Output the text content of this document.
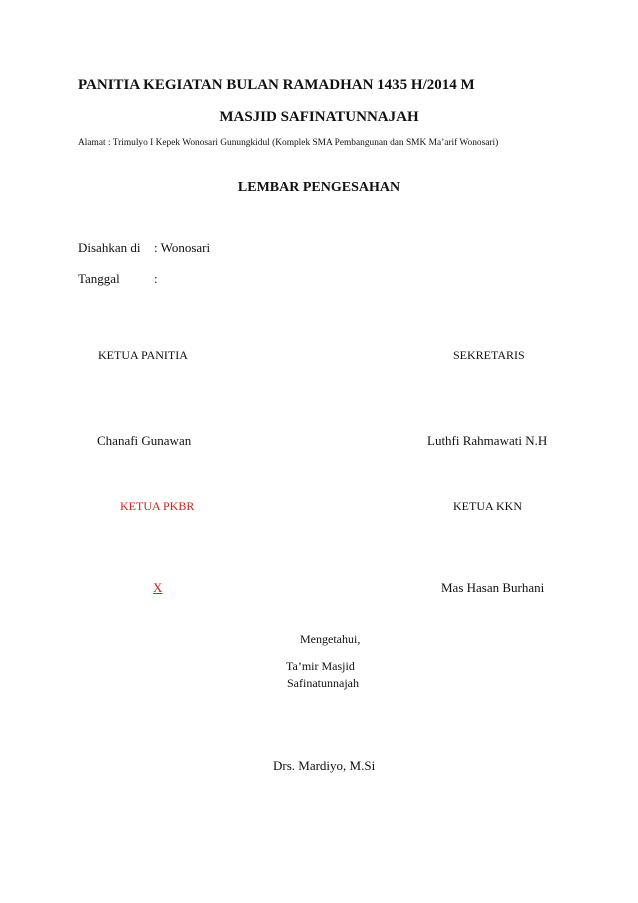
PANITIA KEGIATAN BULAN RAMADHAN 1435 H/2014 M
MASJID SAFINATUNNAJAH
Alamat : Trimulyo I Kepek Wonosari Gunungkidul (Komplek SMA Pembangunan dan SMK Ma’arif Wonosari)
LEMBAR PENGESAHAN
Disahkan di : Wonosari
Tanggal	:
KETUA PANITIA	SEKRETARIS
Chanafi Gunawan	Luthfi Rahmawati N.H
KETUA PKBR	KETUA KKN
X	Mas Hasan Burhani
Mengetahui,
Ta’mir Masjid
Safinatunnajah
Drs. Mardiyo, M.Si
